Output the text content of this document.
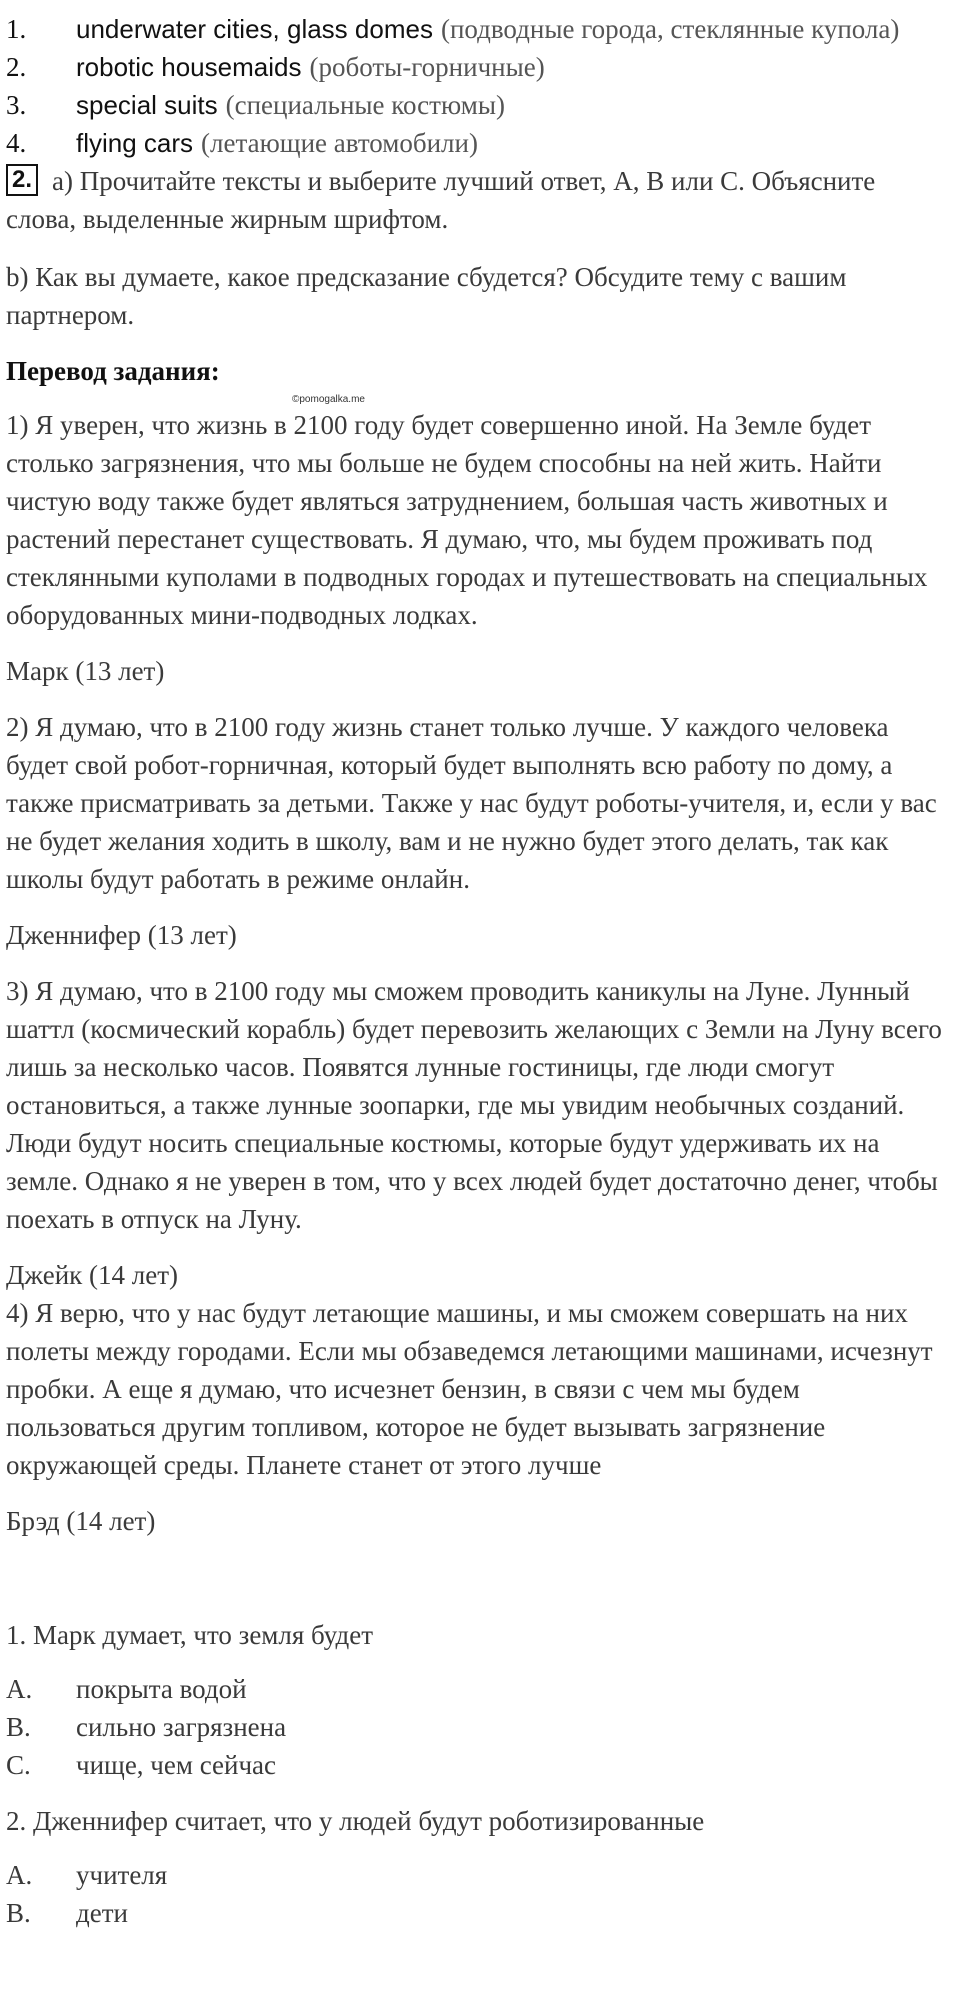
1.	underwater cities, glass domes (подводные города, стеклянные купола)
2.	robotic housemaids (роботы-горничные)
3.	special suits (специальные костюмы)
4.	flying cars (летающие автомобили)

2. a) Прочитайте тексты и выберите лучший ответ, A, B или C. Объясните слова, выделенные жирным шрифтом.

b) Как вы думаете, какое предсказание сбудется? Обсудите тему с вашим партнером.

Перевод задания:

©pomogalka.me

1) Я уверен, что жизнь в 2100 году будет совершенно иной. На Земле будет столько загрязнения, что мы больше не будем способны на ней жить. Найти чистую воду также будет являться затруднением, большая часть животных и растений перестанет существовать. Я думаю, что, мы будем проживать под стеклянными куполами в подводных городах и путешествовать на специальных оборудованных мини-подводных лодках.

Марк (13 лет)

2) Я думаю, что в 2100 году жизнь станет только лучше. У каждого человека будет свой робот-горничная, который будет выполнять всю работу по дому, а также присматривать за детьми. Также у нас будут роботы-учителя, и, если у вас не будет желания ходить в школу, вам и не нужно будет этого делать, так как школы будут работать в режиме онлайн.

Дженнифер (13 лет)

3) Я думаю, что в 2100 году мы сможем проводить каникулы на Луне. Лунный шаттл (космический корабль) будет перевозить желающих с Земли на Луну всего лишь за несколько часов. Появятся лунные гостиницы, где люди смогут остановиться, а также лунные зоопарки, где мы увидим необычных созданий. Люди будут носить специальные костюмы, которые будут удерживать их на земле. Однако я не уверен в том, что у всех людей будет достаточно денег, чтобы поехать в отпуск на Луну.

Джейк (14 лет)

4) Я верю, что у нас будут летающие машины, и мы сможем совершать на них полеты между городами. Если мы обзаведемся летающими машинами, исчезнут пробки. А еще я думаю, что исчезнет бензин, в связи с чем мы будем пользоваться другим топливом, которое не будет вызывать загрязнение окружающей среды. Планете станет от этого лучше

Брэд (14 лет)

1. Марк думает, что земля будет

A.	покрыта водой
B.	сильно загрязнена
C.	чище, чем сейчас

2. Дженнифер считает, что у людей будут роботизированные

A.	учителя
B.	дети
